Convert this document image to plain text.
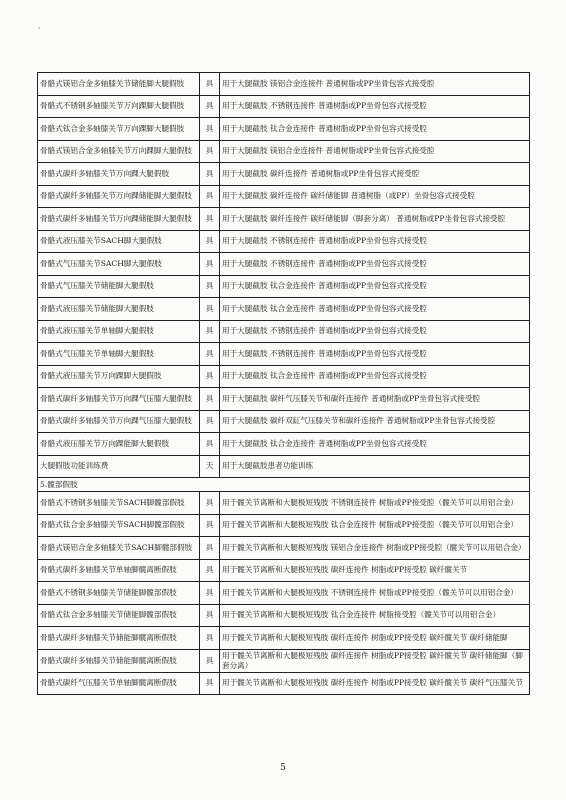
'
骨骼式镁铝合金多轴膝关节储能脚大腿假肢	具	用于大腿截肢 镁铝合金连接件 普通树脂或PP坐骨包容式接受腔
骨骼式不锈钢多轴膝关节万向踝脚大腿假肢	具	用于大腿截肢 不锈钢连接件 普通树脂或PP坐骨包容式接受腔
骨骼式钛合金多轴膝关节万向踝脚大腿假肢	具	用于大腿截肢 钛合金连接件 普通树脂或PP坐骨包容式接受腔
骨骼式镁铝合金多轴膝关节万向踝脚大腿假肢	具	用于大腿截肢 镁铝合金连接件 普通树脂或PP坐骨包容式接受腔
骨骼式碳纤多轴膝关节万向踝大腿假肢	具	用于大腿截肢 碳纤连接件 普通树脂或PP坐骨包容式接受腔
骨骼式碳纤多轴膝关节万向踝储能脚大腿假肢	具	用于大腿截肢 碳纤连接件 碳纤储能脚 普通树脂（或PP）坐骨包容式接受腔
骨骼式碳纤多轴膝关节万向踝储能脚大腿假肢	具	用于大腿截肢 碳纤连接件 碳纤储能脚（脚套分离） 普通树脂或PP坐骨包容式接受腔
骨骼式液压膝关节SACH脚大腿假肢	具	用于大腿截肢 不锈钢连接件 普通树脂或PP坐骨包容式接受腔
骨骼式气压膝关节SACH脚大腿假肢	具	用于大腿截肢 不锈钢连接件 普通树脂或PP坐骨包容式接受腔
骨骼式气压膝关节储能脚大腿假肢	具	用于大腿截肢 钛合金连接件 普通树脂或PP坐骨包容式接受腔
骨骼式液压膝关节储能脚大腿假肢	具	用于大腿截肢 钛合金连接件 普通树脂或PP坐骨包容式接受腔
骨骼式液压膝关节单轴脚大腿假肢	具	用于大腿截肢 不锈钢连接件 普通树脂或PP坐骨包容式接受腔
骨骼式气压膝关节单轴脚大腿假肢	具	用于大腿截肢 不锈钢连接件 普通树脂或PP坐骨包容式接受腔
骨骼式液压膝关节万向踝脚大腿假肢	具	用于大腿截肢 钛合金连接件 普通树脂或PP坐骨包容式接受腔
骨骼式碳纤多轴膝关节万向踝气压膝大腿假肢	具	用于大腿截肢 碳纤气压膝关节和碳纤连接件 普通树脂或PP坐骨包容式接受腔
骨骼式碳纤多轴膝关节万向踝气压膝大腿假肢	具	用于大腿截肢 碳纤双缸气压膝关节和碳纤连接件 普通树脂或PP坐骨包容式接受腔
骨骼式液压膝关节万向踝能脚大腿假肢	具	用于大腿截肢 钛合金连接件 普通树脂或PP坐骨包容式接受腔
大腿假肢功能训练费	天	用于大腿截肢患者功能训练
5.髋部假肢		
骨骼式不锈钢多轴膝关节SACH脚髋部假肢	具	用于髋关节离断和大腿极短残肢 不锈钢连接件 树脂或PP接受腔（髋关节可以用铝合金）
骨骼式钛合金多轴膝关节SACH脚髋部假肢	具	用于髋关节离断和大腿极短残肢 钛合金连接件 树脂或PP接受腔（髋关节可以用铝合金）
骨骼式镁铝合金多轴膝关节SACH脚髋部假肢	具	用于髋关节离断和大腿极短残肢 镁铝合金连接件 树脂或PP接受腔（髋关节可以用铝合金）
骨骼式碳纤多轴膝关节单轴脚髋离断假肢	具	用于髋关节离断和大腿极短残肢 碳纤连接件 树脂或PP接受腔 碳纤髋关节
骨骼式不锈钢多轴膝关节储能脚髋部假肢	具	用于髋关节离断和大腿极短残肢 不锈钢连接件 树脂或PP接受腔（髋关节可以用铝合金）
骨骼式钛合金多轴膝关节储能脚髋部假肢	具	用于髋关节离断和大腿极短残肢 钛合金连接件 树脂接受腔（髋关节可以用铝合金）
骨骼式碳纤多轴膝关节储能脚髋离断假肢	具	用于髋关节离断和大腿极短残肢 碳纤连接件 树脂或PP接受腔 碳纤髋关节 碳纤储能脚
骨骼式碳纤多轴膝关节储能脚髋离断假肢	具	用于髋关节离断和大腿极短残肢 碳纤连接件 树脂或PP接受腔 碳纤髋关节 碳纤储能脚（脚套分离）
骨骼式碳纤气压膝关节单轴脚髋离断假肢	具	用于髋关节离断和大腿极短残肢 碳纤连接件 树脂或PP接受腔 碳纤髋关节 碳纤气压膝关节
5
